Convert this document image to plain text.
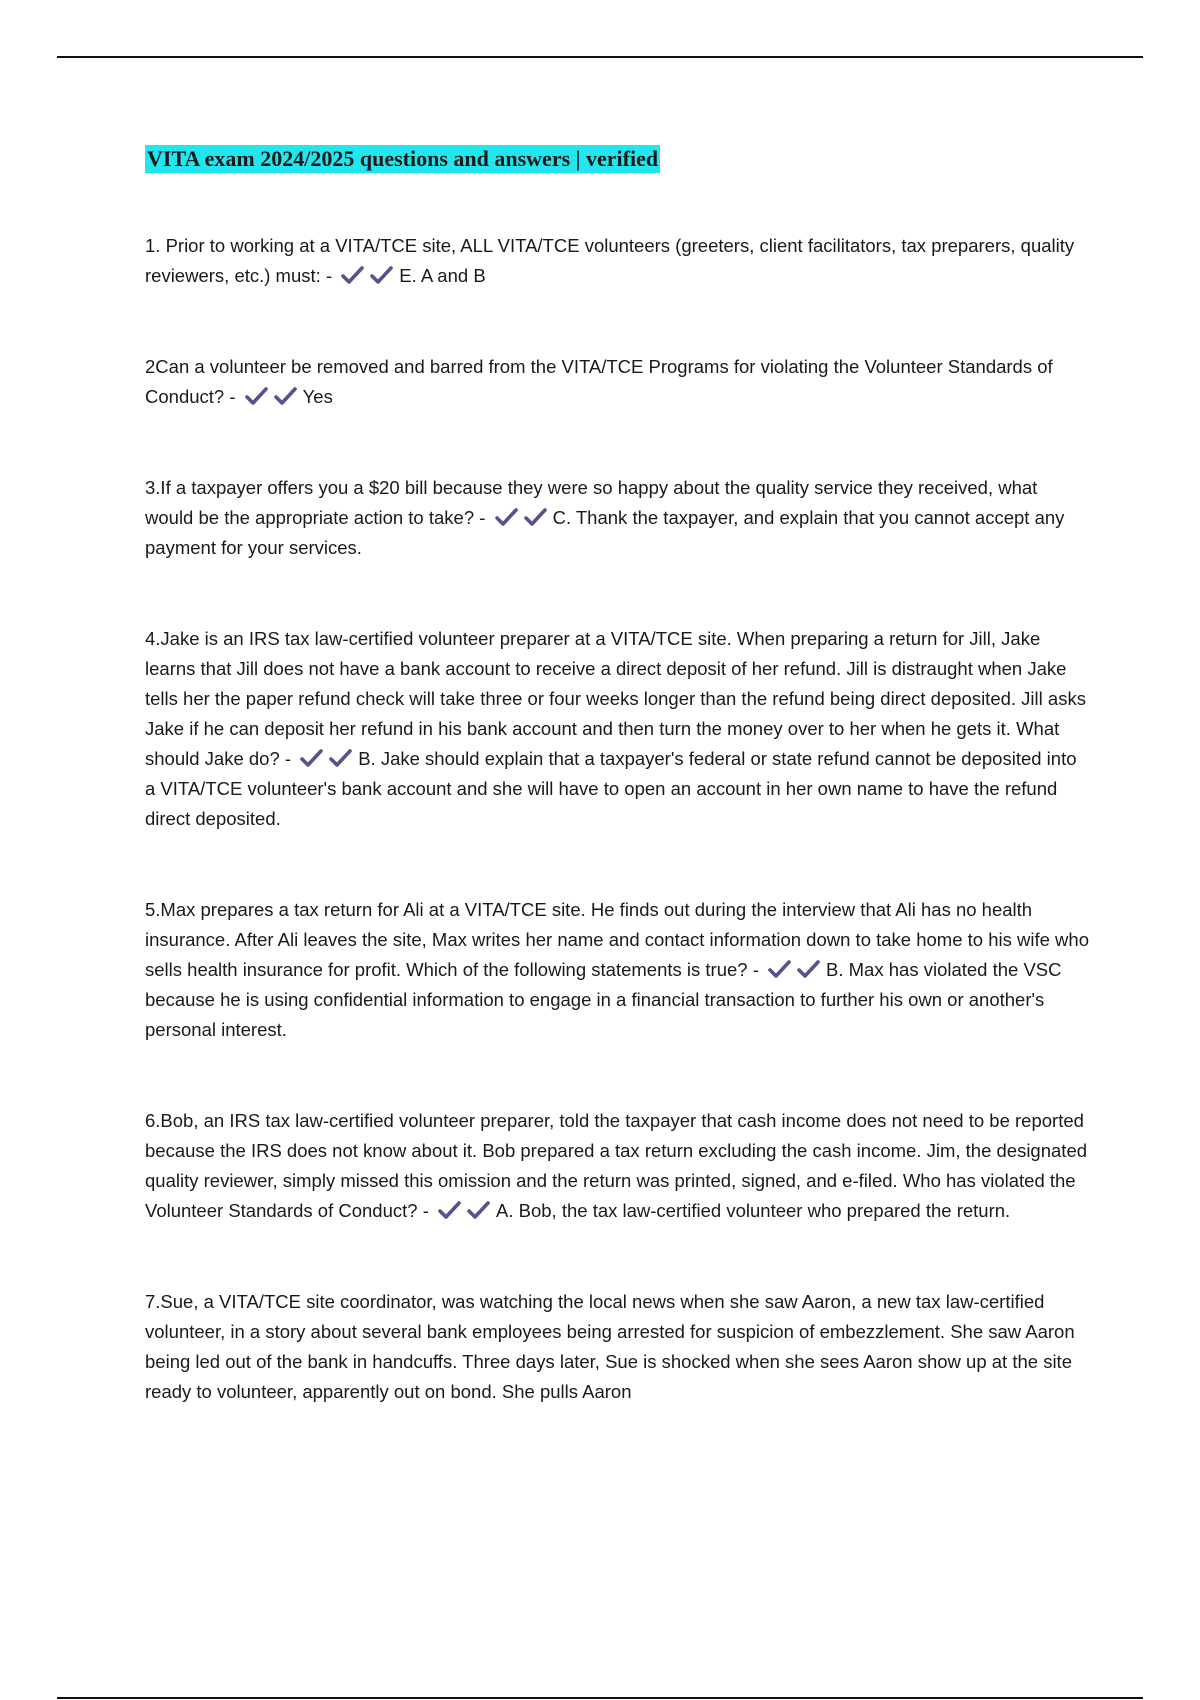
VITA exam 2024/2025 questions and answers | verified

1. Prior to working at a VITA/TCE site, ALL VITA/TCE volunteers (greeters, client facilitators, tax preparers, quality reviewers, etc.) must: -	E. A and B

2Can a volunteer be removed and barred from the VITA/TCE Programs for violating the Volunteer Standards of Conduct? -	Yes

3.If a taxpayer offers you a $20 bill because they were so happy about the quality service they received, what would be the appropriate action to take? -	C. Thank the taxpayer, and explain that you cannot accept any payment for your services.

4.Jake is an IRS tax law-certified volunteer preparer at a VITA/TCE site. When preparing a return for Jill, Jake learns that Jill does not have a bank account to receive a direct deposit of her refund. Jill is distraught when Jake tells her the paper refund check will take three or four weeks longer than the refund being direct deposited. Jill asks Jake if he can deposit her refund in his bank account and then turn the money over to her when he gets it. What should Jake do? -	B. Jake should explain that a taxpayer's federal or state refund cannot be deposited into a VITA/TCE volunteer's bank account and she will have to open an account in her own name to have the refund direct deposited.

5.Max prepares a tax return for Ali at a VITA/TCE site. He finds out during the interview that Ali has no health insurance. After Ali leaves the site, Max writes her name and contact information down to take home to his wife who sells health insurance for profit. Which of the following statements is true? -	B. Max has violated the VSC because he is using confidential information to engage in a financial transaction to further his own or another's personal interest.

6.Bob, an IRS tax law-certified volunteer preparer, told the taxpayer that cash income does not need to be reported because the IRS does not know about it. Bob prepared a tax return excluding the cash income. Jim, the designated quality reviewer, simply missed this omission and the return was printed, signed, and e-filed. Who has violated the Volunteer Standards of Conduct? -	A. Bob, the tax law-certified volunteer who prepared the return.

7.Sue, a VITA/TCE site coordinator, was watching the local news when she saw Aaron, a new tax law-certified volunteer, in a story about several bank employees being arrested for suspicion of embezzlement. She saw Aaron being led out of the bank in handcuffs. Three days later, Sue is shocked when she sees Aaron show up at the site ready to volunteer, apparently out on bond. She pulls Aaron
